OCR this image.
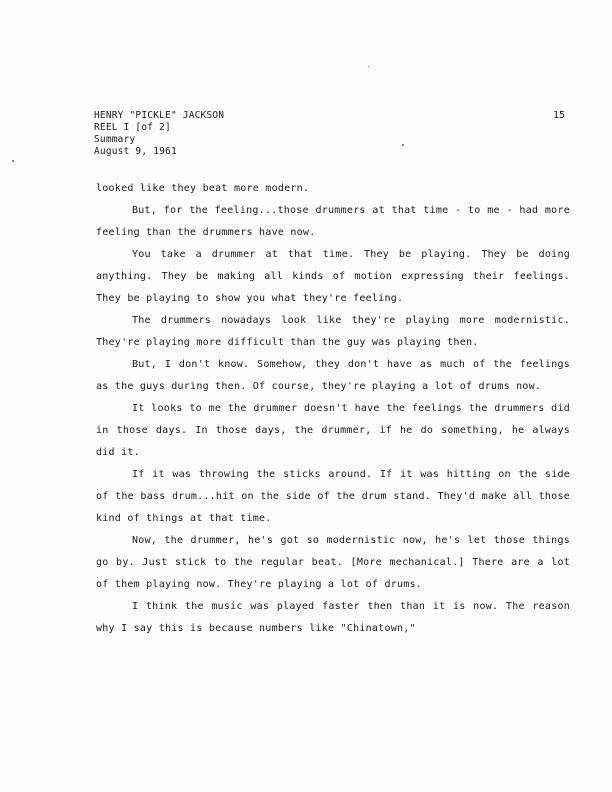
HENRY "PICKLE" JACKSON
REEL I [of 2]
Summary
August 9, 1961
15

looked like they beat more modern.

But, for the feeling...those drummers at that time - to me - had more feeling than the drummers have now.

You take a drummer at that time. They be playing. They be doing anything. They be making all kinds of motion expressing their feelings. They be playing to show you what they're feeling.

The drummers nowadays look like they're playing more modernistic. They're playing more difficult than the guy was playing then.

But, I don't know. Somehow, they don't have as much of the feelings as the guys during then. Of course, they're playing a lot of drums now.

It looks to me the drummer doesn't have the feelings the drummers did in those days. In those days, the drummer, if he do something, he always did it.

If it was throwing the sticks around. If it was hitting on the side of the bass drum...hit on the side of the drum stand. They'd make all those kind of things at that time.

Now, the drummer, he's got so modernistic now, he's let those things go by. Just stick to the regular beat. [More mechanical.] There are a lot of them playing now. They're playing a lot of drums.

I think the music was played faster then than it is now. The reason why I say this is because numbers like "Chinatown,"
